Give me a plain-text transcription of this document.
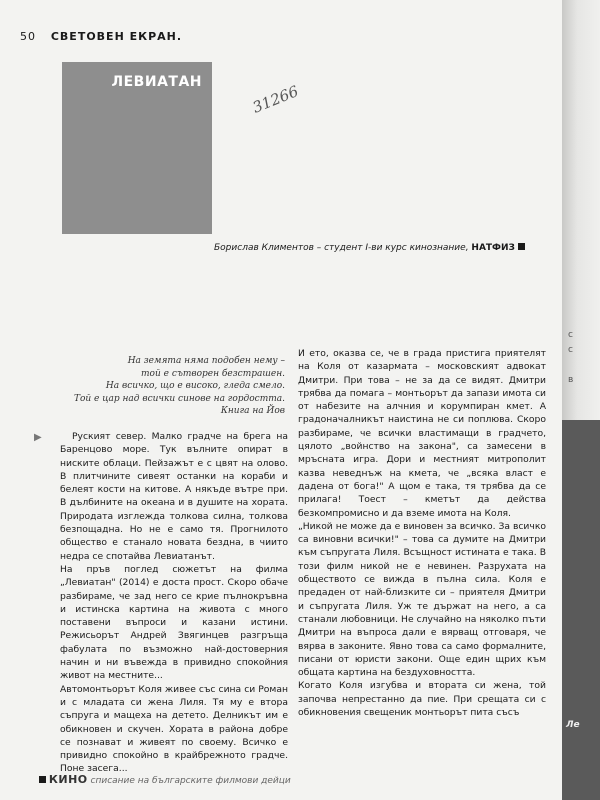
50 СВЕТОВЕН ЕКРАН.
ЛЕВИАТАН
31266
Борислав Климентов – студент I-ви курс кинознание, НАТФИЗ
На земята няма подобен нему –
той е сътворен безстрашен.
На всичко, що е високо, гледа смело.
Той е цар над всички синове на гордостта.
Книга на Йов
▶	Руският север. Малко градче на брега на Баренцово море. Тук вълните опират в ниските облаци. Пейзажът е с цвят на олово. В плитчините сивеят останки на кораби и белеят кости на китове. А някъде вътре при. В дълбините на океана и в душите на хората. Природата изглежда толкова силна, толкова безпощадна. Но не е само тя. Прогнилото общество е станало новата бездна, в чиито недра се спотайва Левиатанът.

На пръв поглед сюжетът на филма „Левиатан" (2014) е доста прост. Скоро обаче разбираме, че зад него се крие пълнокръвна и истинска картина на живота с много поставени въпроси и казани истини. Режисьорът Андрей Звягинцев разгръща фабулата по възможно най-достоверния начин и ни въвежда в привидно спокойния живот на местните...

Автомонтьорът Коля живее със сина си Роман и с младата си жена Лиля. Тя му е втора съпруга и мащеха на детето. Делникът им е обикновен и скучен. Хората в района добре се познават и живеят по своему. Всичко е привидно спокойно в крайбрежното градче. Поне засега...

И ето, оказва се, че в града пристига приятелят на Коля от казармата – московският адвокат Дмитри. При това – не за да се видят. Дмитри трябва да помага – монтьорът да запази имота си от набезите на алчния и корумпиран кмет. А градоначалникът наистина не си поплюва. Скоро разбираме, че всички властимащи в градчето, цялото „войнство на закона", са замесени в мръсната игра. Дори и местният митрополит казва неведнъж на кмета, че „всяка власт е дадена от бога!" А щом е така, тя трябва да се прилага! Тоест – кметът да действа безкомпромисно и да вземе имота на Коля.

„Никой не може да е виновен за всичко. За всичко са виновни всички!" – това са думите на Дмитри към съпругата Лиля. Всъщност истината е така. В този филм никой не е невинен. Разрухата на обществото се вижда в пълна сила. Коля е предаден от най-близките си – приятеля Дмитри и съпругата Лиля. Уж те държат на него, а са станали любовници. Не случайно на няколко пъти Дмитри на въпроса дали е вярващ отговаря, че вярва в законите. Явно това са само формалните, писани от юристи закони. Още един щрих към общата картина на бездуховността.

Когато Коля изгубва и втората си жена, той започва непрестанно да пие. При срещата си с обикновения свещеник монтьорът пита съсъ

КИНО списание на българските филмови дейци
с
с
в
Ле
